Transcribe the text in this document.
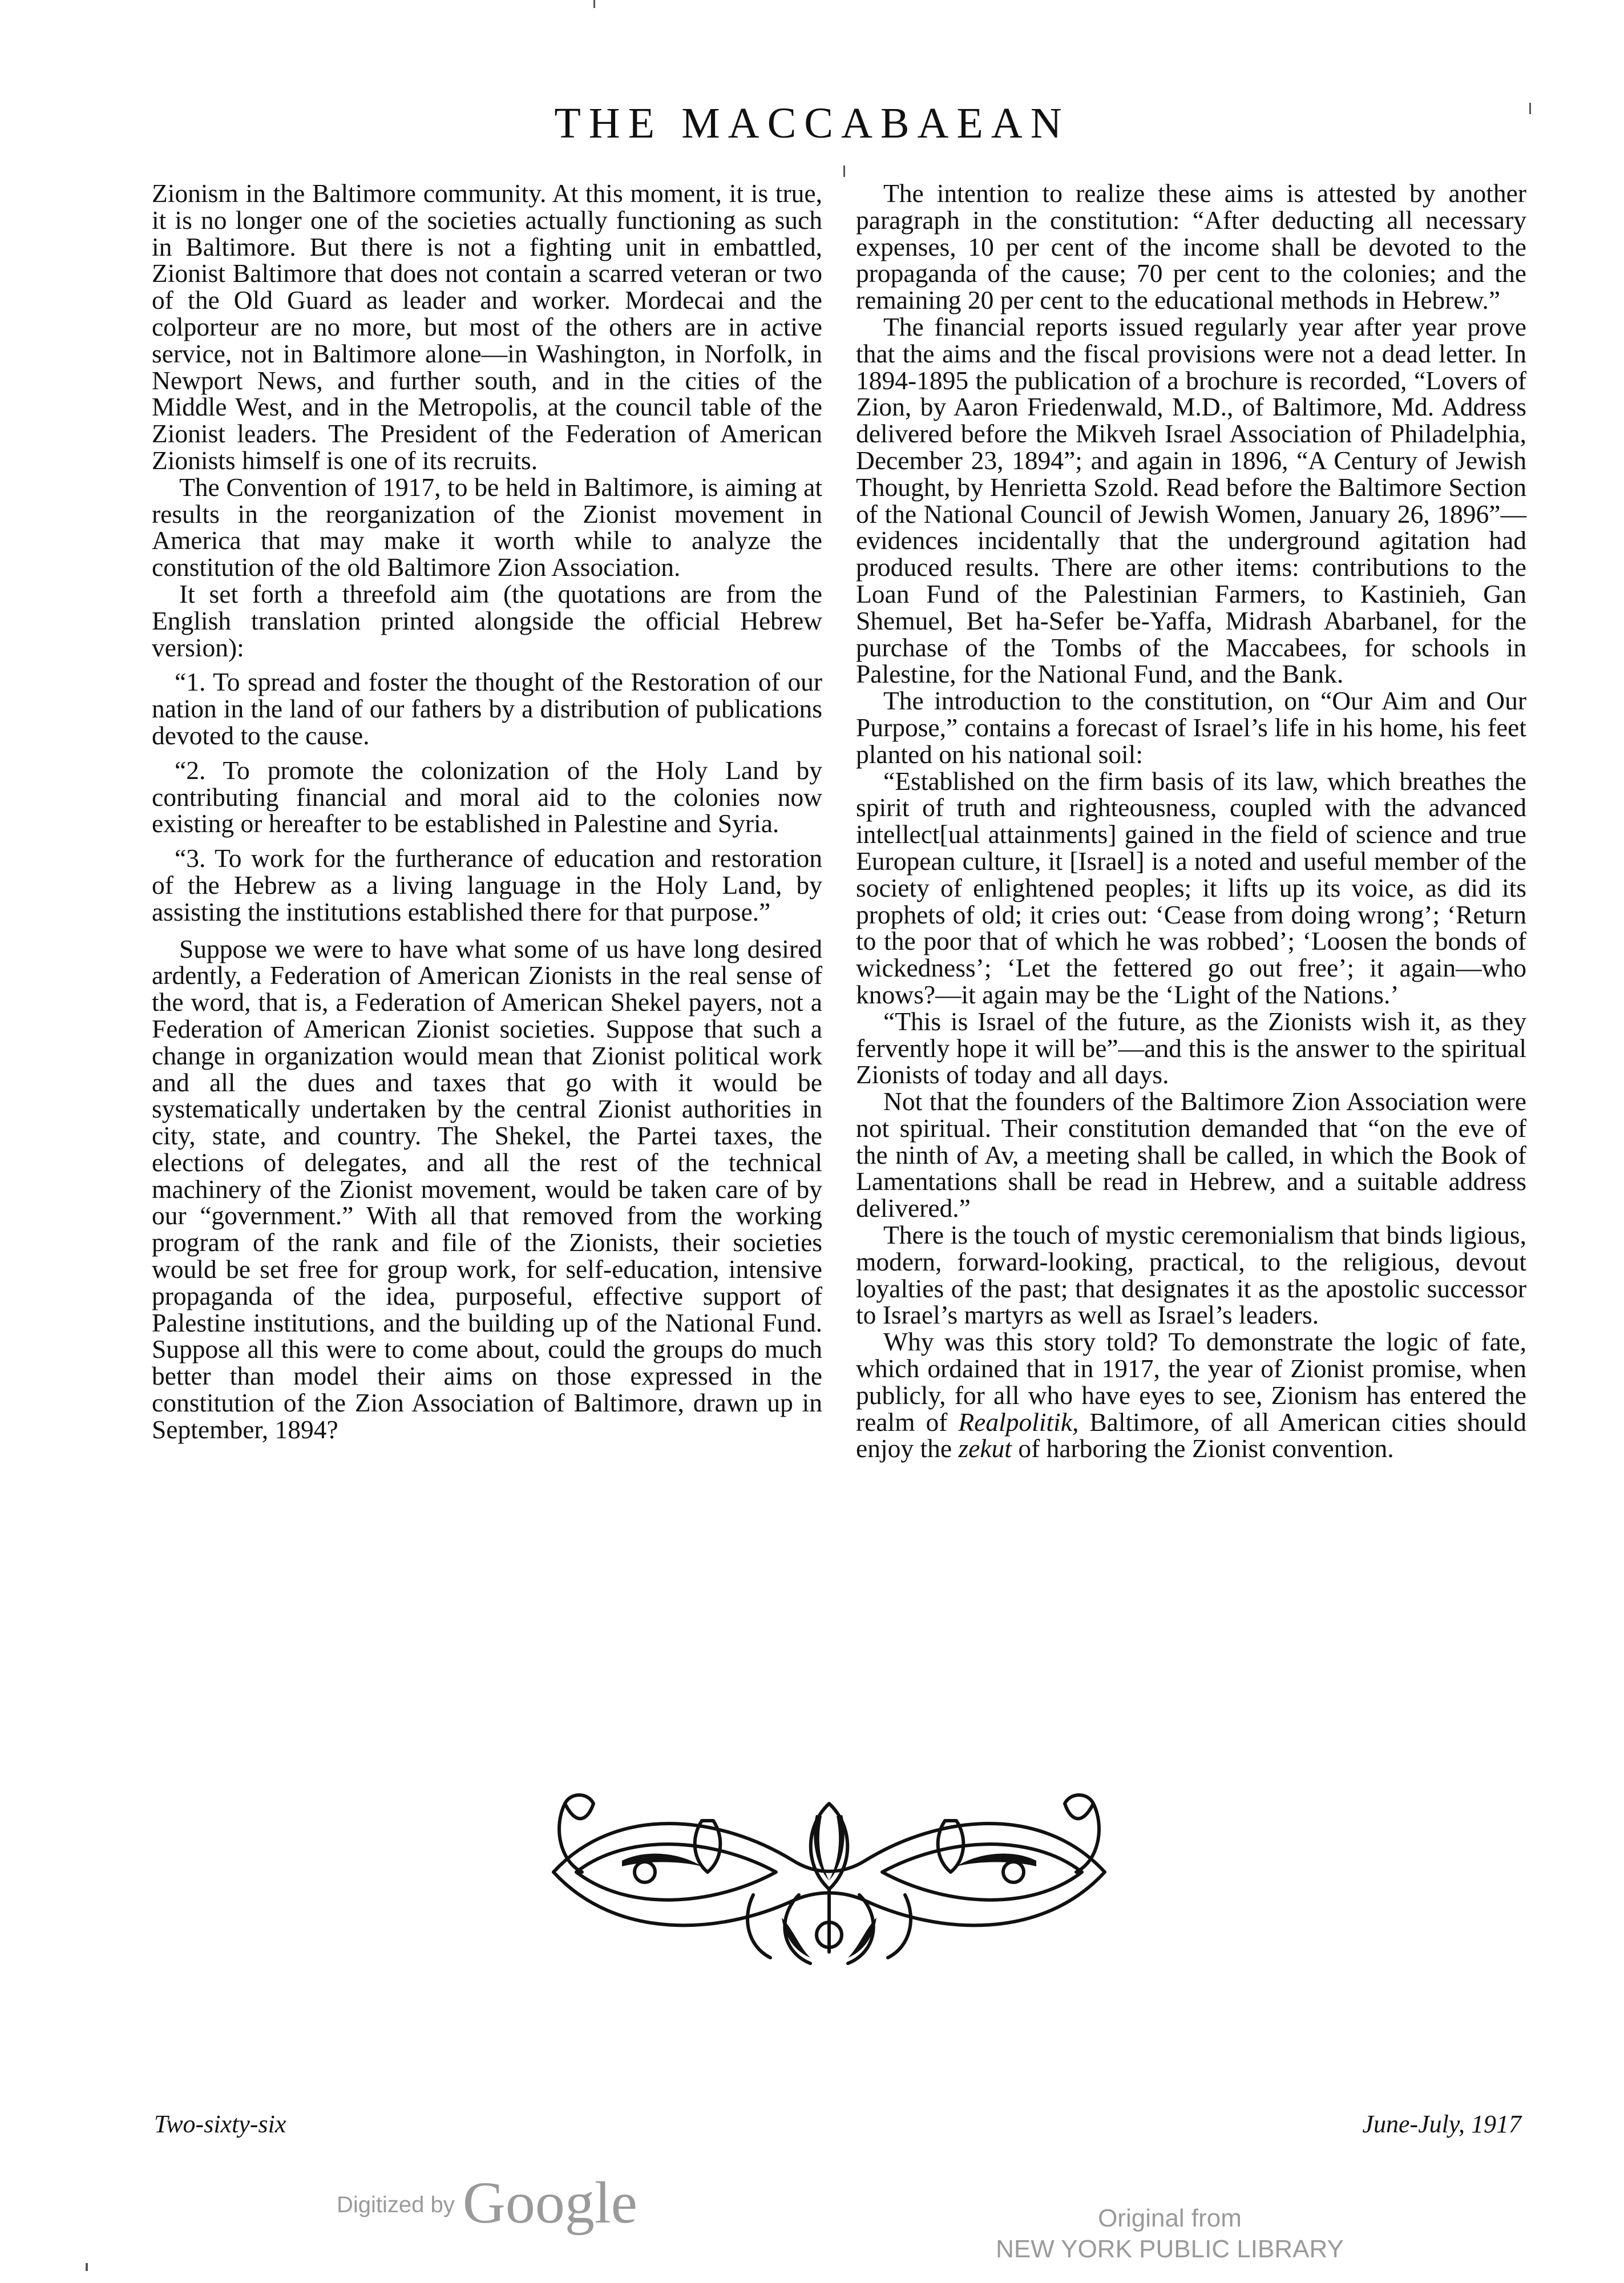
THE MACCABAEAN

Zionism in the Baltimore community. At this moment, it is true, it is no longer one of the societies actually functioning as such in Baltimore. But there is not a fighting unit in embattled, Zionist Baltimore that does not contain a scarred veteran or two of the Old Guard as leader and worker. Mordecai and the colporteur are no more, but most of the others are in active service, not in Baltimore alone—in Washington, in Norfolk, in Newport News, and further south, and in the cities of the Middle West, and in the Metropolis, at the council table of the Zionist leaders. The President of the Federation of American Zionists himself is one of its recruits.

The Convention of 1917, to be held in Baltimore, is aiming at results in the reorganization of the Zionist movement in America that may make it worth while to analyze the constitution of the old Baltimore Zion Association.

It set forth a threefold aim (the quotations are from the English translation printed alongside the official Hebrew version):

“1. To spread and foster the thought of the Restoration of our nation in the land of our fathers by a distribution of publications devoted to the cause.

“2. To promote the colonization of the Holy Land by contributing financial and moral aid to the colonies now existing or hereafter to be established in Palestine and Syria.

“3. To work for the furtherance of education and restoration of the Hebrew as a living language in the Holy Land, by assisting the institutions established there for that purpose.”

Suppose we were to have what some of us have long desired ardently, a Federation of American Zionists in the real sense of the word, that is, a Federation of American Shekel payers, not a Federation of American Zionist societies. Suppose that such a change in organization would mean that Zionist political work and all the dues and taxes that go with it would be systematically undertaken by the central Zionist authorities in city, state, and country. The Shekel, the Partei taxes, the elections of delegates, and all the rest of the technical machinery of the Zionist movement, would be taken care of by our “government.” With all that removed from the working program of the rank and file of the Zionists, their societies would be set free for group work, for self-education, intensive propaganda of the idea, purposeful, effective support of Palestine institutions, and the building up of the National Fund. Suppose all this were to come about, could the groups do much better than model their aims on those expressed in the constitution of the Zion Association of Baltimore, drawn up in September, 1894?

The intention to realize these aims is attested by another paragraph in the constitution: “After deducting all necessary expenses, 10 per cent of the income shall be devoted to the propaganda of the cause; 70 per cent to the colonies; and the remaining 20 per cent to the educational methods in Hebrew.”

The financial reports issued regularly year after year prove that the aims and the fiscal provisions were not a dead letter. In 1894-1895 the publication of a brochure is recorded, “Lovers of Zion, by Aaron Friedenwald, M.D., of Baltimore, Md. Address delivered before the Mikveh Israel Association of Philadelphia, December 23, 1894”; and again in 1896, “A Century of Jewish Thought, by Henrietta Szold. Read before the Baltimore Section of the National Council of Jewish Women, January 26, 1896”—evidences incidentally that the underground agitation had produced results. There are other items: contributions to the Loan Fund of the Palestinian Farmers, to Kastinieh, Gan Shemuel, Bet ha-Sefer be-Yaffa, Midrash Abarbanel, for the purchase of the Tombs of the Maccabees, for schools in Palestine, for the National Fund, and the Bank.

The introduction to the constitution, on “Our Aim and Our Purpose,” contains a forecast of Israel’s life in his home, his feet planted on his national soil:

“Established on the firm basis of its law, which breathes the spirit of truth and righteousness, coupled with the advanced intellect[ual attainments] gained in the field of science and true European culture, it [Israel] is a noted and useful member of the society of enlightened peoples; it lifts up its voice, as did its prophets of old; it cries out: ‘Cease from doing wrong’; ‘Return to the poor that of which he was robbed’; ‘Loosen the bonds of wickedness’; ‘Let the fettered go out free’; it again—who knows?—it again may be the ‘Light of the Nations.’

“This is Israel of the future, as the Zionists wish it, as they fervently hope it will be”—and this is the answer to the spiritual Zionists of today and all days.

Not that the founders of the Baltimore Zion Association were not spiritual. Their constitution demanded that “on the eve of the ninth of Av, a meeting shall be called, in which the Book of Lamentations shall be read in Hebrew, and a suitable address delivered.”

There is the touch of mystic ceremonialism that binds ligious, modern, forward-looking, practical, to the religious, devout loyalties of the past; that designates it as the apostolic successor to Israel’s martyrs as well as Israel’s leaders.

Why was this story told? To demonstrate the logic of fate, which ordained that in 1917, the year of Zionist promise, when publicly, for all who have eyes to see, Zionism has entered the realm of Realpolitik, Baltimore, of all American cities should enjoy the zekut of harboring the Zionist convention.

Two-sixty-six	June-July, 1917
Digitized by Google	Original from
NEW YORK PUBLIC LIBRARY
